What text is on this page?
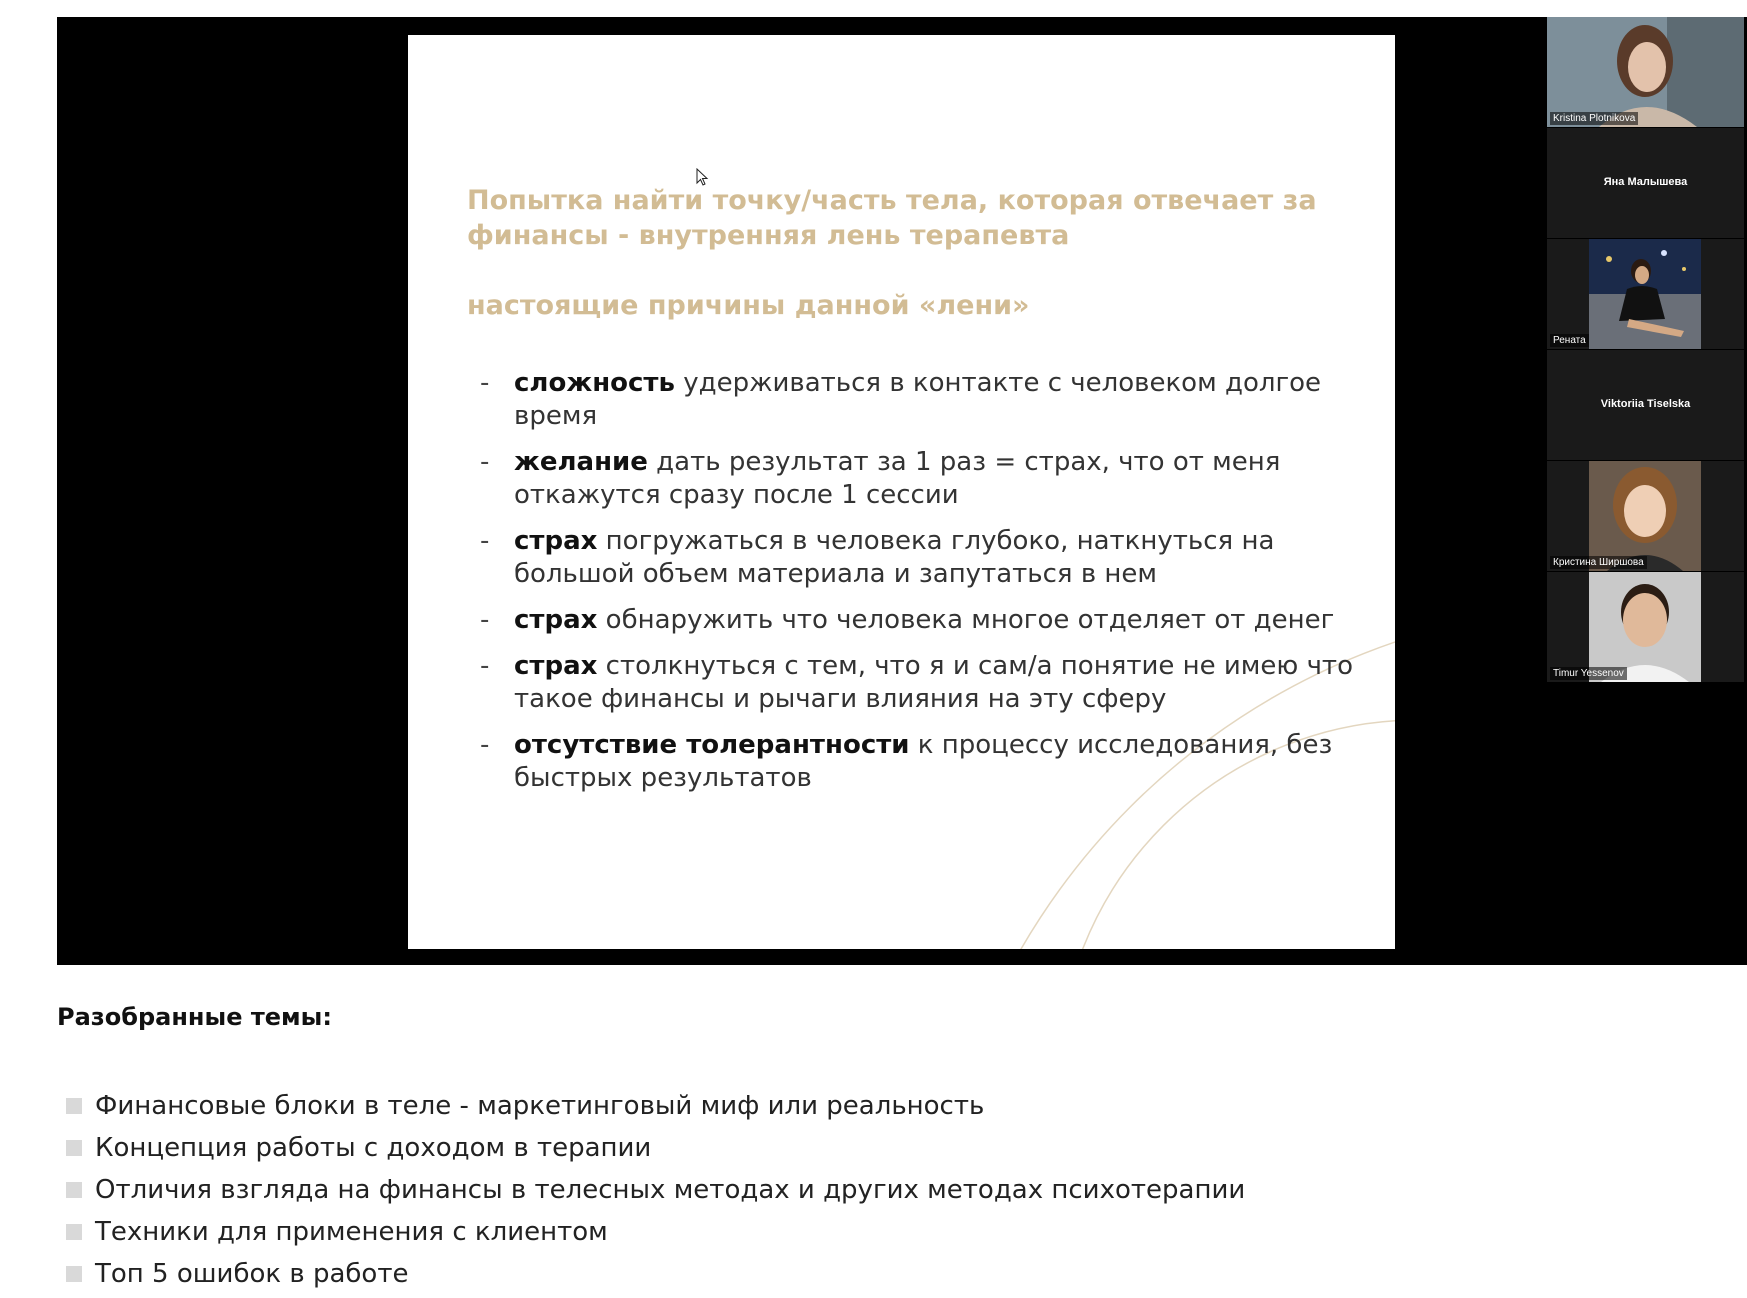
Попытка найти точку/часть тела, которая отвечает за финансы - внутренняя лень терапевта
настоящие причины данной «лени»
- сложность удерживаться в контакте с человеком долгое время
- желание дать результат за 1 раз = страх, что от меня откажутся сразу после 1 сессии
- страх погружаться в человека глубоко, наткнуться на большой объем материала и запутаться в нем
- страх обнаружить что человека многое отделяет от денег
- страх столкнуться с тем, что я и сам/а понятие не имею что такое финансы и рычаги влияния на эту сферу
- отсутствие толерантности к процессу исследования, без быстрых результатов
Kristina Plotnikova
Яна Малышева
Рената
Viktoriia Tiselska
Кристина Ширшова
Timur Yessenov
Разобранные темы:
Финансовые блоки в теле - маркетинговый миф или реальность
Концепция работы с доходом в терапии
Отличия взгляда на финансы в телесных методах и других методах психотерапии
Техники для применения с клиентом
Топ 5 ошибок в работе
